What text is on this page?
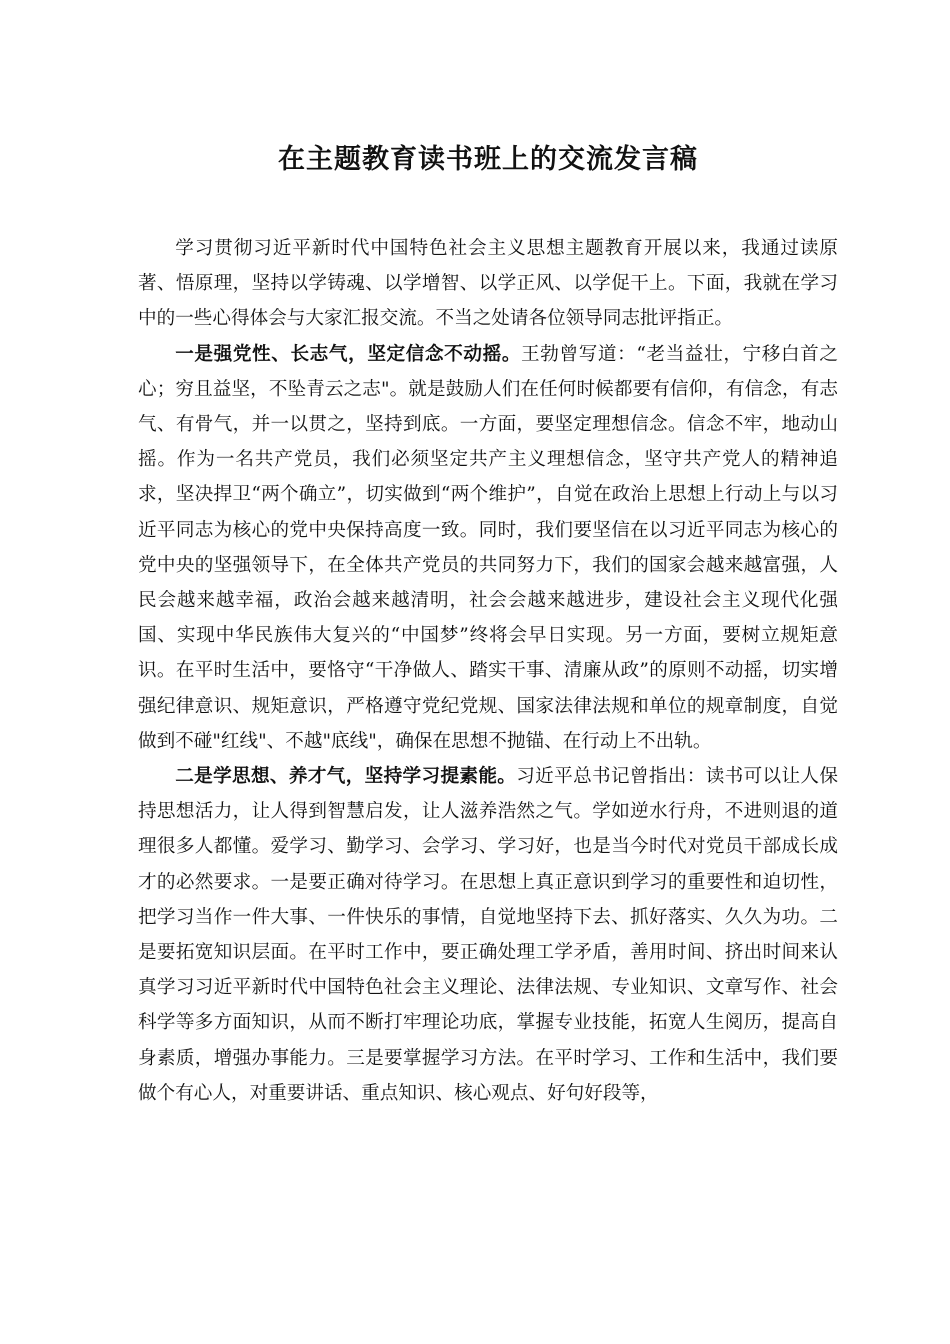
在主题教育读书班上的交流发言稿

学习贯彻习近平新时代中国特色社会主义思想主题教育开展以来，我通过读原著、悟原理，坚持以学铸魂、以学增智、以学正风、以学促干上。下面，我就在学习中的一些心得体会与大家汇报交流。不当之处请各位领导同志批评指正。

一是强党性、长志气，坚定信念不动摇。王勃曾写道：“老当益壮，宁移白首之心；穷且益坚，不坠青云之志"。就是鼓励人们在任何时候都要有信仰，有信念，有志气、有骨气，并一以贯之，坚持到底。一方面，要坚定理想信念。信念不牢，地动山摇。作为一名共产党员，我们必须坚定共产主义理想信念，坚守共产党人的精神追求，坚决捍卫“两个确立”，切实做到“两个维护”，自觉在政治上思想上行动上与以习近平同志为核心的党中央保持高度一致。同时，我们要坚信在以习近平同志为核心的党中央的坚强领导下，在全体共产党员的共同努力下，我们的国家会越来越富强，人民会越来越幸福，政治会越来越清明，社会会越来越进步，建设社会主义现代化强国、实现中华民族伟大复兴的“中国梦”终将会早日实现。另一方面，要树立规矩意识。在平时生活中，要恪守“干净做人、踏实干事、清廉从政”的原则不动摇，切实增强纪律意识、规矩意识，严格遵守党纪党规、国家法律法规和单位的规章制度，自觉做到不碰"红线"、不越"底线"，确保在思想不抛锚、在行动上不出轨。

二是学思想、养才气，坚持学习提素能。习近平总书记曾指出：读书可以让人保持思想活力，让人得到智慧启发，让人滋养浩然之气。学如逆水行舟，不进则退的道理很多人都懂。爱学习、勤学习、会学习、学习好，也是当今时代对党员干部成长成才的必然要求。一是要正确对待学习。在思想上真正意识到学习的重要性和迫切性，把学习当作一件大事、一件快乐的事情，自觉地坚持下去、抓好落实、久久为功。二是要拓宽知识层面。在平时工作中，要正确处理工学矛盾，善用时间、挤出时间来认真学习习近平新时代中国特色社会主义理论、法律法规、专业知识、文章写作、社会科学等多方面知识，从而不断打牢理论功底，掌握专业技能，拓宽人生阅历，提高自身素质，增强办事能力。三是要掌握学习方法。在平时学习、工作和生活中，我们要做个有心人，对重要讲话、重点知识、核心观点、好句好段等，
